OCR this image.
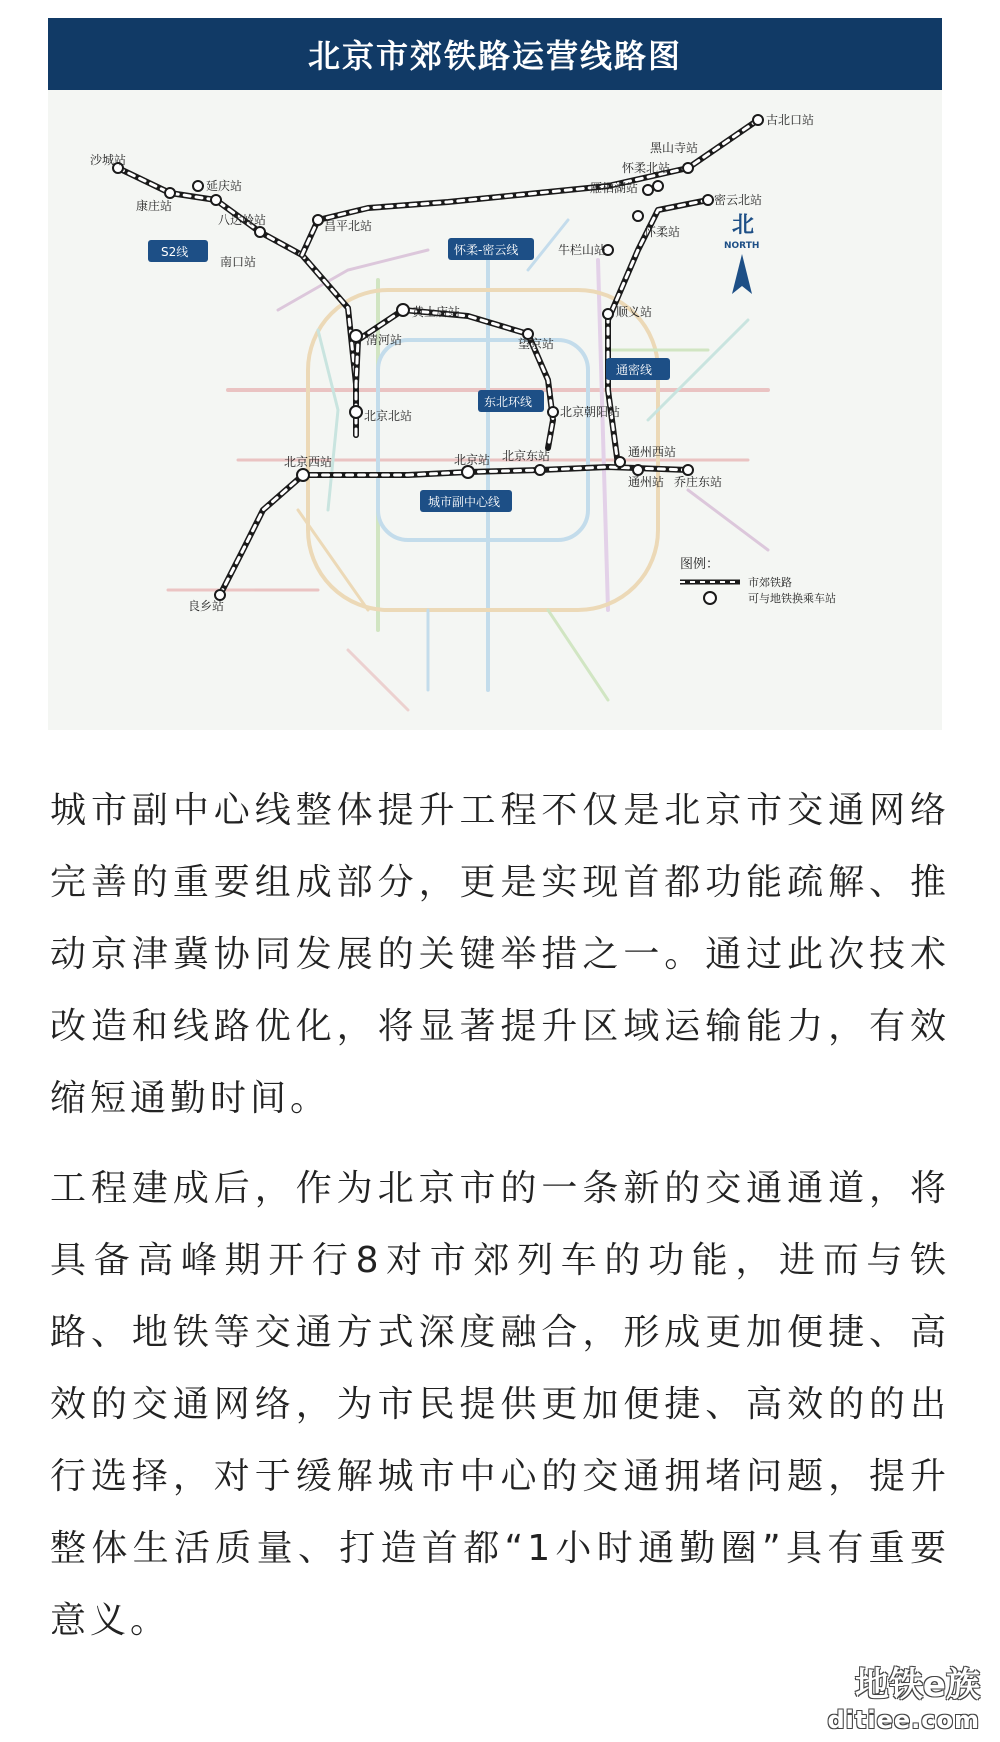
北京市郊铁路运营线路图
古北口站
黑山寺站
怀柔北站
雁栖湖站
密云北站
怀柔站
牛栏山站
顺义站
沙城站
延庆站
康庄站
八达岭站
南口站
昌平北站
黄土店站
清河站	望京站
北京北站	北京朝阳站
北京西站	北京站 北京东站	通州西站
通州站 乔庄东站
良乡站
S2线	怀柔-密云线
通密线
东北环线
城市副中心线
北
NORTH
图例：
市郊铁路
可与地铁换乘车站

城市副中心线整体提升工程不仅是北京市交通网络完善的重要组成部分，更是实现首都功能疏解、推动京津冀协同发展的关键举措之一。通过此次技术改造和线路优化，将显著提升区域运输能力，有效缩短通勤时间。

工程建成后，作为北京市的一条新的交通通道，将具备高峰期开行8对市郊列车的功能，进而与铁路、地铁等交通方式深度融合，形成更加便捷、高效的交通网络，为市民提供更加便捷、高效的的出行选择，对于缓解城市中心的交通拥堵问题，提升整体生活质量、打造首都“1小时通勤圈”具有重要意义。

地铁e族
ditiee.com
